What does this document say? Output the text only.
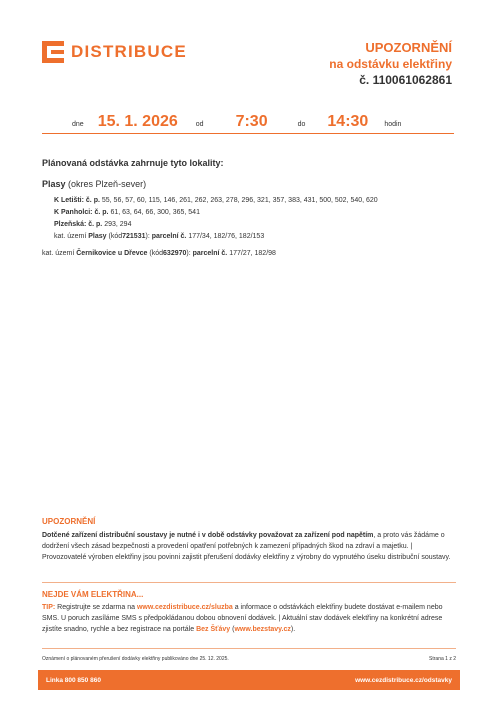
DISTRIBUCE	UPOZORNĚNÍ
na odstávku elektřiny
č. 110061062861
dne 15. 1. 2026	od 7:30	do 14:30 hodin
Plánovaná odstávka zahrnuje tyto lokality:
Plasy (okres Plzeň-sever)
K Letišti: č. p. 55, 56, 57, 60, 115, 146, 261, 262, 263, 278, 296, 321, 357, 383, 431, 500, 502, 540, 620
K Panholci: č. p. 61, 63, 64, 66, 300, 365, 541
Plzeňská: č. p. 293, 294
kat. území Plasy (kód721531): parcelní č. 177/34, 182/76, 182/153
kat. území Černikovice u Dřevce (kód632970): parcelní č. 177/27, 182/98
UPOZORNĚNÍ
Dotčené zařízení distribuční soustavy je nutné i v době odstávky považovat za zařízení pod napětím, a proto vás žádáme o dodržení všech zásad bezpečnosti a provedení opatření potřebných k zamezení případných škod na zdraví a majetku. | Provozovatelé výroben elektřiny jsou povinni zajistit přerušení dodávky elektřiny z výrobny do vypnutého úseku distribuční soustavy.
NEJDE VÁM ELEKTŘINA...
TIP: Registrujte se zdarma na www.cezdistribuce.cz/sluzba a informace o odstávkách elektřiny budete dostávat e-mailem nebo SMS. U poruch zasíláme SMS s předpokládanou dobou obnovení dodávek. | Aktuální stav dodávek elektřiny na konkrétní adrese zjistíte snadno, rychle a bez registrace na portále Bez Šťávy (www.bezstavy.cz).
Oznámení o plánovaném přerušení dodávky elektřiny publikováno dne 25. 12. 2025.	Strana 1 z 2
Linka 800 850 860	www.cezdistribuce.cz/odstavky
